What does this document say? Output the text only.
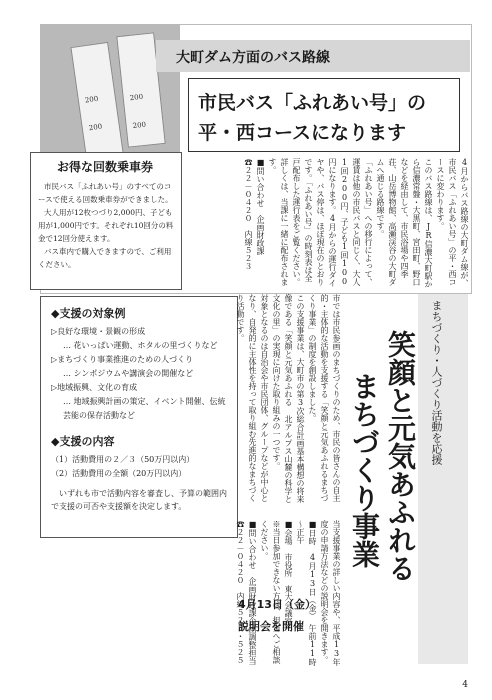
200
200
200
200
大町ダム方面のバス路線
市民バス「ふれあい号」の
平・西コースになります
お得な回数乗車券

市民バス「ふれあい号」のすべてのコースで使える回数乗車券ができました。

大人用が12枚つづり2,000円、子ども用が1,000円です。それぞれ10回分の料金で12回分使えます。

バス車内で購入できますので、ご利用ください。	4月からバス路線の大町ダム線が、市民バス「ふれあい号」の平・西コースに変わります。

このバス路線は、JR信濃大町駅から信濃常盤・大黒町、宮田町、野口などを経由して、市民浴場や四季荘、山岳博物館、高瀬渓谷の大町ダムへ通じる路線です。

「ふれあい号」への移行によって、運賃は他の市民バスと同じく、大人1回200円、子ども1回100円になります。4月からの運行ダイヤや、バス停は、ほぼ現在のとおりです。「ふれあい号」の時刻表は全戸配布した運行表をご覧ください。

詳しくは、当課に一緒に配布されます。

■問い合わせ　企画財政課

☎２２－０４２０　内線５２３

◆支援の対象例
▷良好な環境・景観の形成
… 花いっぱい運動、ホタルの里づくりなど
▷まちづくり事業推進のための人づくり
… シンポジウムや講演会の開催など
▷地域振興、文化の育成
… 地域振興計画の策定、イベント開催、伝統芸能の保存活動など
◆支援の内容
（1）活動費用の２／３（50万円以内）
（2）活動費用の全額（20万円以内）
いずれも市で活動内容を審査し、予算の範囲内で支援の可否や支援額を決定します。

市では市民参画のまちづくりのため、市民の皆さんの自主的・主体的な活動を支援する「笑顔と元気あふれるまちづくり事業」の制度を創設しました。

この支援事業は、大町市の第3次総合計画基本構想の将来像である「笑顔と元気あふれる 北アルプス山麓の科学と文化の里」の実現に向けた取り組みの一つです。

対象となるのは自治会や市民団体、グループなどが中心となり、自発的に主体性を持って取り組む先進的なまちづくり活動です。

当支援事業の詳しい内容や、平成13年度の申請方法などの説明会を開きます。

■日時　4月13日（金）　午前11時～正午

■会場　市役所　東大会議室

※当日参加できない方は、担当へご相談ください。

■問い合わせ　企画財政課企画調整担当

☎２２－０４２０　内線５２３・５２５

4月13日（金）
説明会を開催
まちづくり・人づくり活動を応援
笑顔と元気あふれる
まちづくり事業
4
